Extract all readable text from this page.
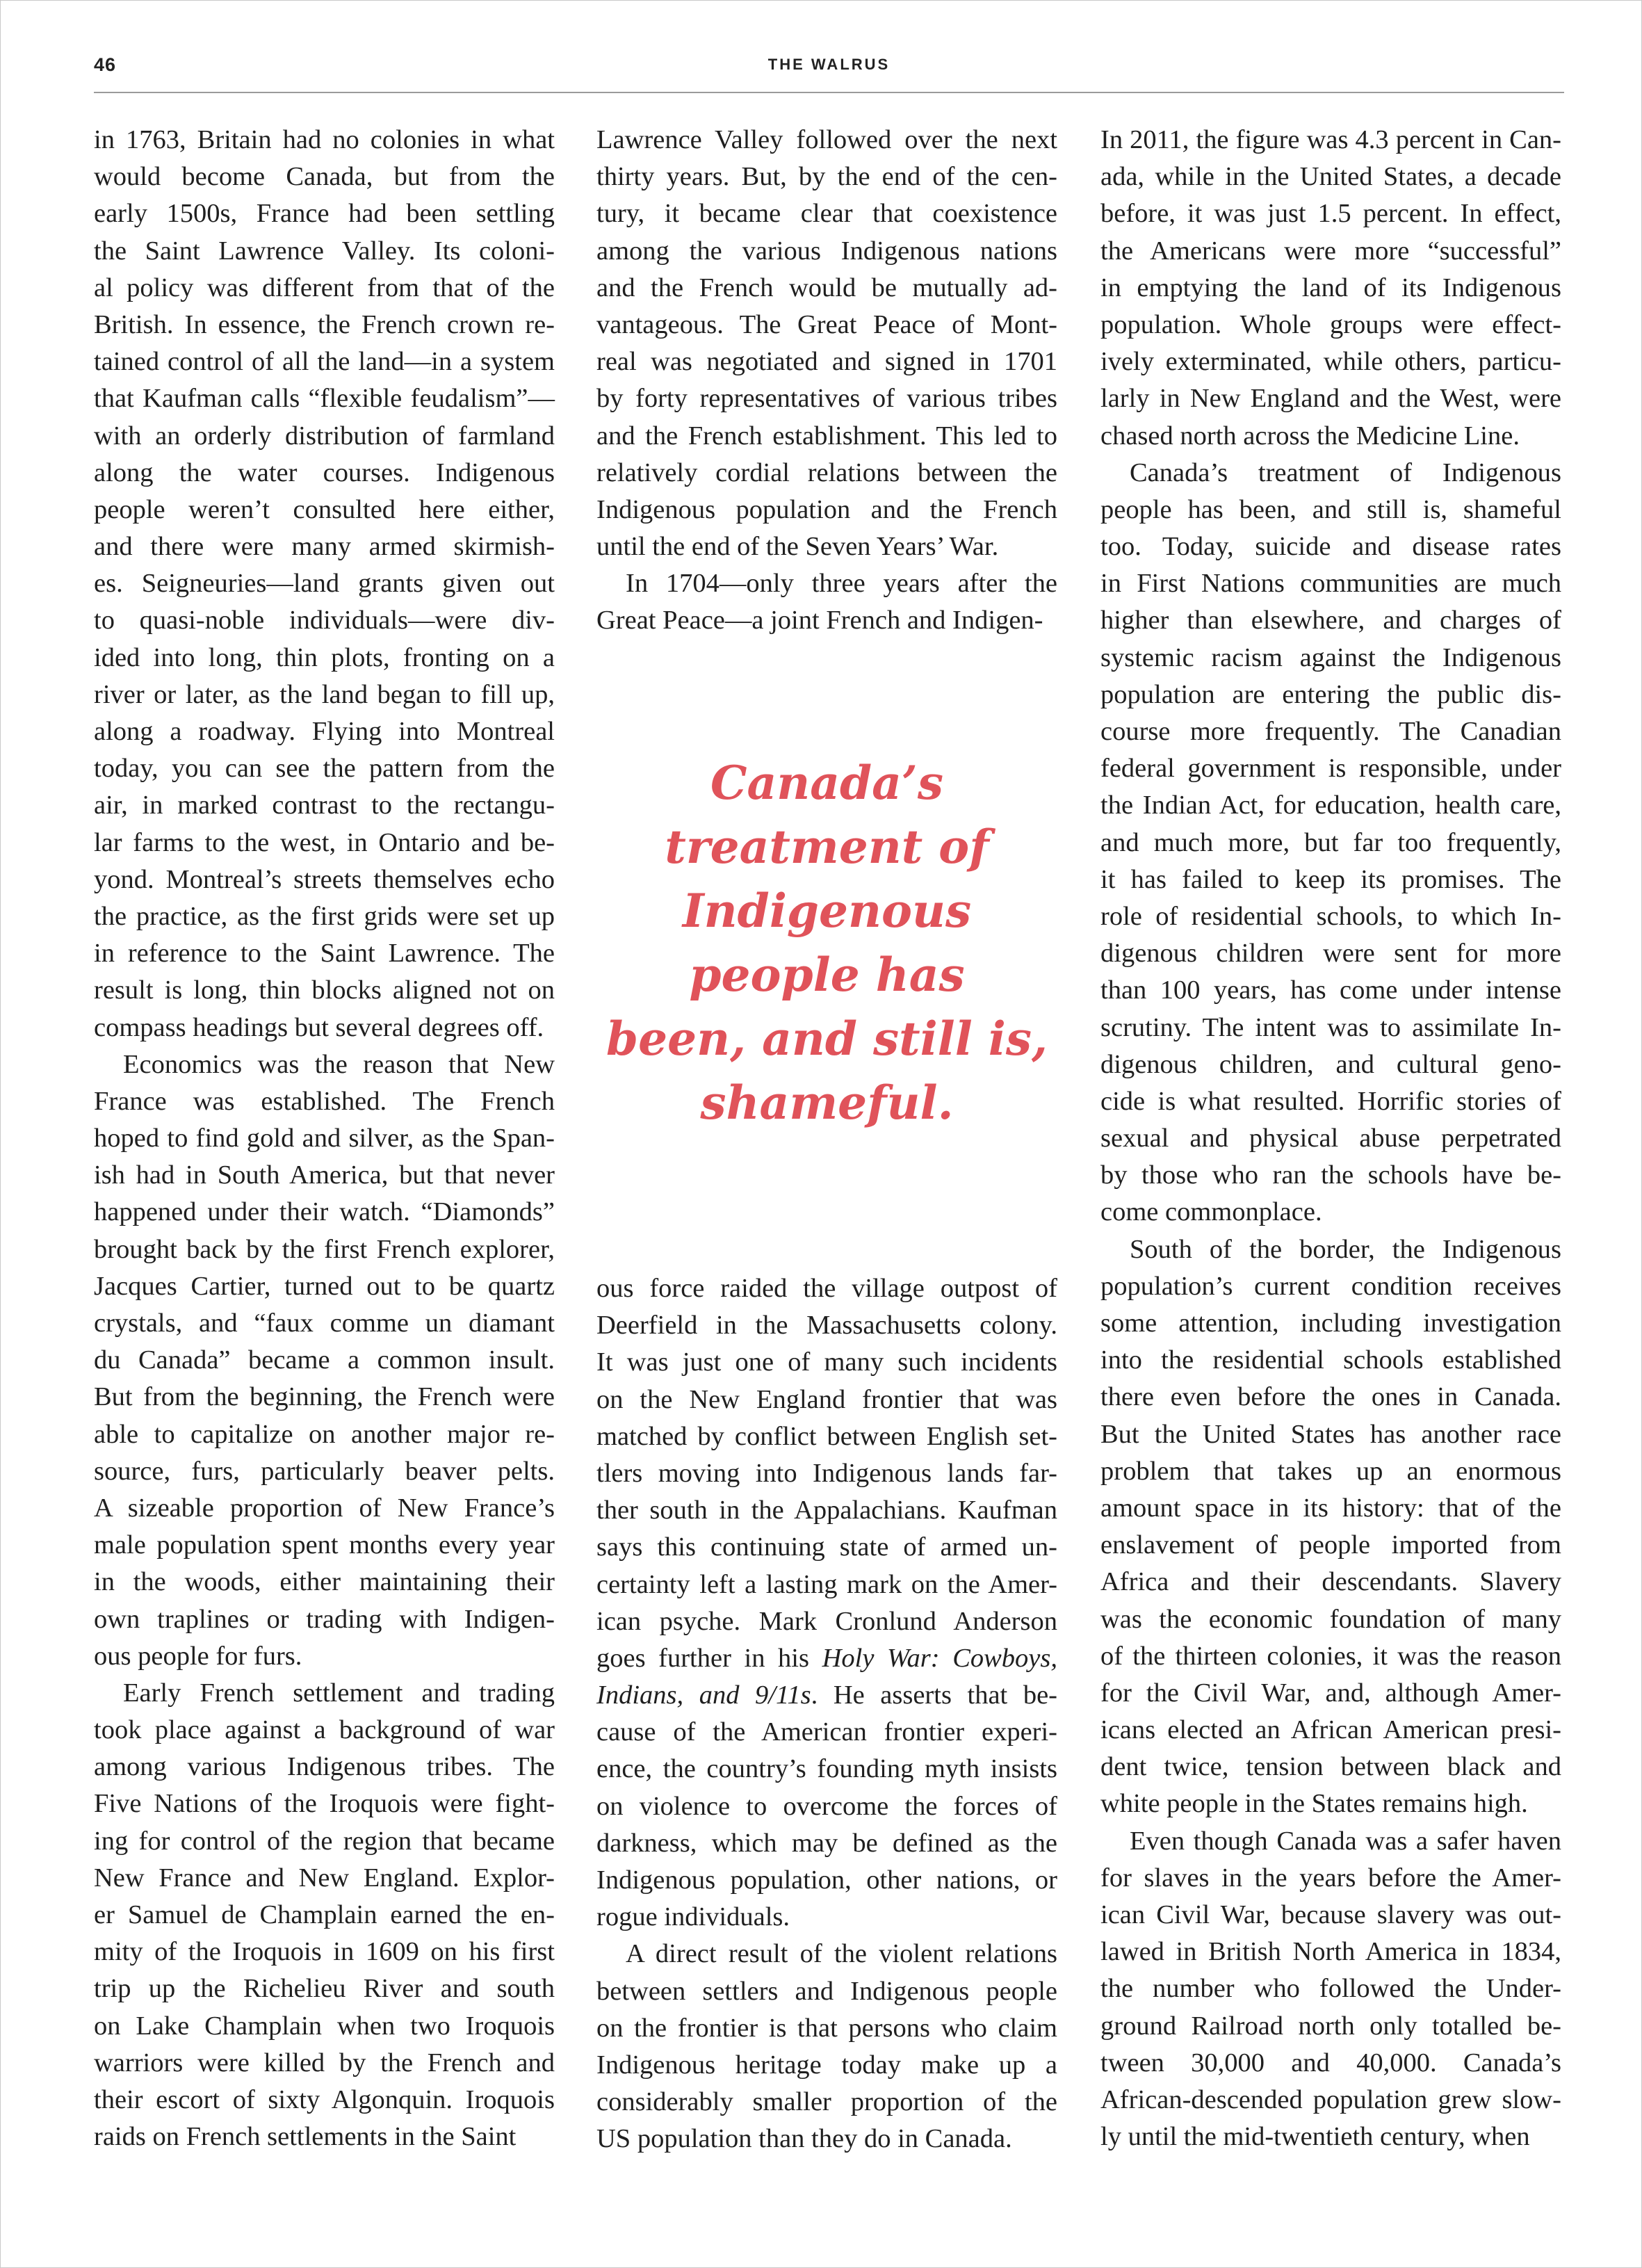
46	THE WALRUS
in 1763, Britain had no colonies in what
would become Canada, but from the
early 1500s, France had been settling
the Saint Lawrence Valley. Its coloni-
al policy was different from that of the
British. In essence, the French crown re-
tained control of all the land—in a system
that Kaufman calls “flexible feudalism”—
with an orderly distribution of farmland
along the water courses. Indigenous
people weren’t consulted here either,
and there were many armed skirmish-
es. Seigneuries—land grants given out
to quasi-noble individuals—were div-
ided into long, thin plots, fronting on a
river or later, as the land began to fill up,
along a roadway. Flying into Montreal
today, you can see the pattern from the
air, in marked contrast to the rectangu-
lar farms to the west, in Ontario and be-
yond. Montreal’s streets themselves echo
the practice, as the first grids were set up
in reference to the Saint Lawrence. The
result is long, thin blocks aligned not on
compass headings but several degrees off.
Economics was the reason that New
France was established. The French
hoped to find gold and silver, as the Span-
ish had in South America, but that never
happened under their watch. “Diamonds”
brought back by the first French explorer,
Jacques Cartier, turned out to be quartz
crystals, and “faux comme un diamant
du Canada” became a common insult.
But from the beginning, the French were
able to capitalize on another major re-
source, furs, particularly beaver pelts.
A sizeable proportion of New France’s
male population spent months every year
in the woods, either maintaining their
own traplines or trading with Indigen-
ous people for furs.
Early French settlement and trading
took place against a background of war
among various Indigenous tribes. The
Five Nations of the Iroquois were fight-
ing for control of the region that became
New France and New England. Explor-
er Samuel de Champlain earned the en-
mity of the Iroquois in 1609 on his first
trip up the Richelieu River and south
on Lake Champlain when two Iroquois
warriors were killed by the French and
their escort of sixty Algonquin. Iroquois
raids on French settlements in the Saint
Lawrence Valley followed over the next
thirty years. But, by the end of the cen-
tury, it became clear that coexistence
among the various Indigenous nations
and the French would be mutually ad-
vantageous. The Great Peace of Mont-
real was negotiated and signed in 1701
by forty representatives of various tribes
and the French establishment. This led to
relatively cordial relations between the
Indigenous population and the French
until the end of the Seven Years’ War.
In 1704—only three years after the
Great Peace—a joint French and Indigen-
Canada’s
treatment of
Indigenous
people has
been, and still is,
shameful.
ous force raided the village outpost of
Deerfield in the Massachusetts colony.
It was just one of many such incidents
on the New England frontier that was
matched by conflict between English set-
tlers moving into Indigenous lands far-
ther south in the Appalachians. Kaufman
says this continuing state of armed un-
certainty left a lasting mark on the Amer-
ican psyche. Mark Cronlund Anderson
goes further in his Holy War: Cowboys,
Indians, and 9/11s. He asserts that be-
cause of the American frontier experi-
ence, the country’s founding myth insists
on violence to overcome the forces of
darkness, which may be defined as the
Indigenous population, other nations, or
rogue individuals.
A direct result of the violent relations
between settlers and Indigenous people
on the frontier is that persons who claim
Indigenous heritage today make up a
considerably smaller proportion of the
US population than they do in Canada.
In 2011, the figure was 4.3 percent in Can-
ada, while in the United States, a decade
before, it was just 1.5 percent. In effect,
the Americans were more “successful”
in emptying the land of its Indigenous
population. Whole groups were effect-
ively exterminated, while others, particu-
larly in New England and the West, were
chased north across the Medicine Line.
Canada’s treatment of Indigenous
people has been, and still is, shameful
too. Today, suicide and disease rates
in First Nations communities are much
higher than elsewhere, and charges of
systemic racism against the Indigenous
population are entering the public dis-
course more frequently. The Canadian
federal government is responsible, under
the Indian Act, for education, health care,
and much more, but far too frequently,
it has failed to keep its promises. The
role of residential schools, to which In-
digenous children were sent for more
than 100 years, has come under intense
scrutiny. The intent was to assimilate In-
digenous children, and cultural geno-
cide is what resulted. Horrific stories of
sexual and physical abuse perpetrated
by those who ran the schools have be-
come commonplace.
South of the border, the Indigenous
population’s current condition receives
some attention, including investigation
into the residential schools established
there even before the ones in Canada.
But the United States has another race
problem that takes up an enormous
amount space in its history: that of the
enslavement of people imported from
Africa and their descendants. Slavery
was the economic foundation of many
of the thirteen colonies, it was the reason
for the Civil War, and, although Amer-
icans elected an African American presi-
dent twice, tension between black and
white people in the States remains high.
Even though Canada was a safer haven
for slaves in the years before the Amer-
ican Civil War, because slavery was out-
lawed in British North America in 1834,
the number who followed the Under-
ground Railroad north only totalled be-
tween 30,000 and 40,000. Canada’s
African-descended population grew slow-
ly until the mid-twentieth century, when
